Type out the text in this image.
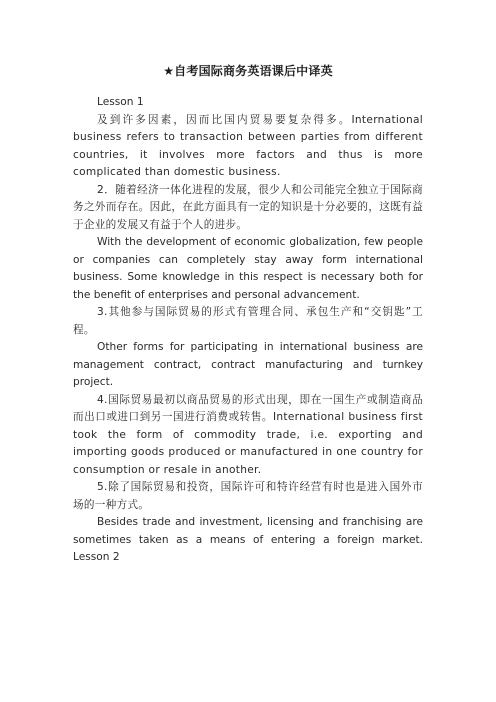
★自考国际商务英语课后中译英

Lesson 1

及到许多因素，因而比国内贸易要复杂得多。International business refers to transaction between parties from different countries, it involves more factors and thus is more complicated than domestic business.

2．随着经济一体化进程的发展，很少人和公司能完全独立于国际商务之外而存在。因此，在此方面具有一定的知识是十分必要的，这既有益于企业的发展又有益于个人的进步。

With the development of economic globalization, few people or companies can completely stay away form international business. Some knowledge in this respect is necessary both for the benefit of enterprises and personal advancement.

3.其他参与国际贸易的形式有管理合同、承包生产和“交钥匙”工程。

Other forms for participating in international business are management contract, contract manufacturing and turnkey project.

4.国际贸易最初以商品贸易的形式出现，即在一国生产或制造商品而出口或进口到另一国进行消费或转售。International business first took the form of commodity trade, i.e. exporting and importing goods produced or manufactured in one country for consumption or resale in another.

5.除了国际贸易和投资，国际许可和特许经营有时也是进入国外市场的一种方式。

Besides trade and investment, licensing and franchising are sometimes taken as a means of entering a foreign market. Lesson 2
